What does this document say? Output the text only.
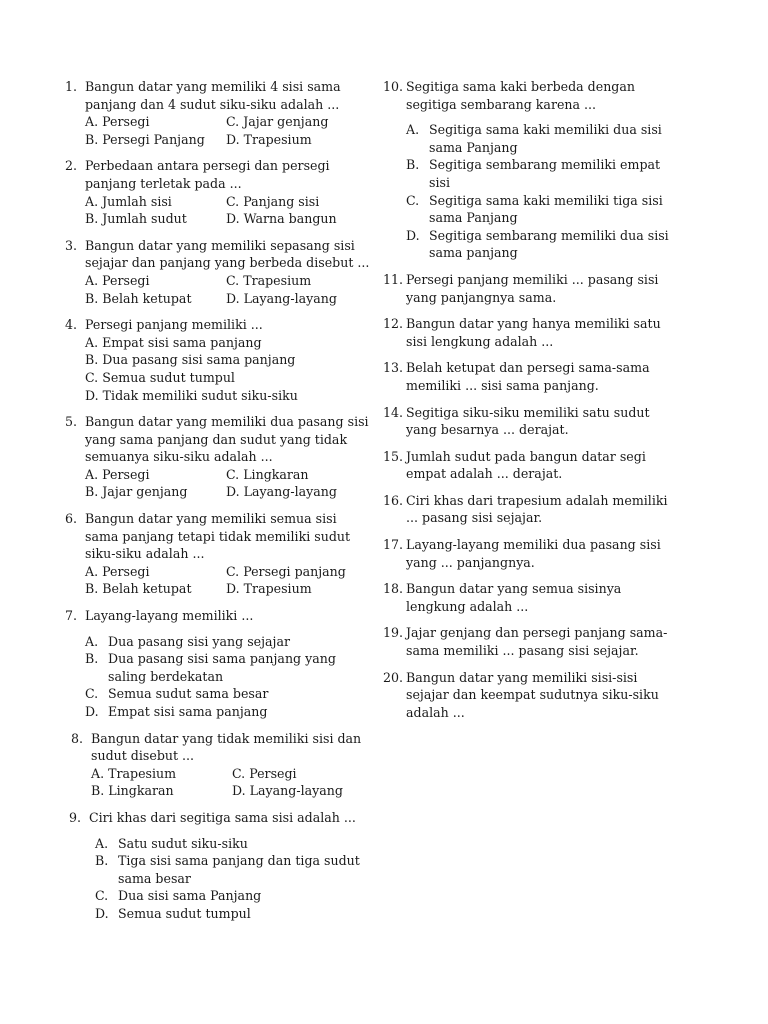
1. Bangun datar yang memiliki 4 sisi sama panjang dan 4 sudut siku-siku adalah ...
A. Persegi	C. Jajar genjang
B. Persegi Panjang	D. Trapesium
2. Perbedaan antara persegi dan persegi panjang terletak pada ...
A. Jumlah sisi	C. Panjang sisi
B. Jumlah sudut	D. Warna bangun
3. Bangun datar yang memiliki sepasang sisi sejajar dan panjang yang berbeda disebut ...
A. Persegi	C. Trapesium
B. Belah ketupat	D. Layang-layang
4. Persegi panjang memiliki ...
A. Empat sisi sama panjang
B. Dua pasang sisi sama panjang
C. Semua sudut tumpul
D. Tidak memiliki sudut siku-siku
5. Bangun datar yang memiliki dua pasang sisi yang sama panjang dan sudut yang tidak semuanya siku-siku adalah ...
A. Persegi	C. Lingkaran
B. Jajar genjang	D. Layang-layang
6. Bangun datar yang memiliki semua sisi sama panjang tetapi tidak memiliki sudut siku-siku adalah ...
A. Persegi	C. Persegi panjang
B. Belah ketupat	D. Trapesium
7. Layang-layang memiliki ...
A. Dua pasang sisi yang sejajar
B. Dua pasang sisi sama panjang yang saling berdekatan
C. Semua sudut sama besar
D. Empat sisi sama panjang
8. Bangun datar yang tidak memiliki sisi dan sudut disebut ...
A. Trapesium	C. Persegi
B. Lingkaran	D. Layang-layang
9. Ciri khas dari segitiga sama sisi adalah ...
A. Satu sudut siku-siku
B. Tiga sisi sama panjang dan tiga sudut sama besar
C. Dua sisi sama Panjang
D. Semua sudut tumpul
10. Segitiga sama kaki berbeda dengan segitiga sembarang karena ...
A. Segitiga sama kaki memiliki dua sisi sama Panjang
B. Segitiga sembarang memiliki empat sisi
C. Segitiga sama kaki memiliki tiga sisi sama Panjang
D. Segitiga sembarang memiliki dua sisi sama panjang
11. Persegi panjang memiliki ... pasang sisi yang panjangnya sama.
12. Bangun datar yang hanya memiliki satu sisi lengkung adalah ...
13. Belah ketupat dan persegi sama-sama memiliki ... sisi sama panjang.
14. Segitiga siku-siku memiliki satu sudut yang besarnya ... derajat.
15. Jumlah sudut pada bangun datar segi empat adalah ... derajat.
16. Ciri khas dari trapesium adalah memiliki ... pasang sisi sejajar.
17. Layang-layang memiliki dua pasang sisi yang ... panjangnya.
18. Bangun datar yang semua sisinya lengkung adalah ...
19. Jajar genjang dan persegi panjang sama-sama memiliki ... pasang sisi sejajar.
20. Bangun datar yang memiliki sisi-sisi sejajar dan keempat sudutnya siku-siku adalah ...
